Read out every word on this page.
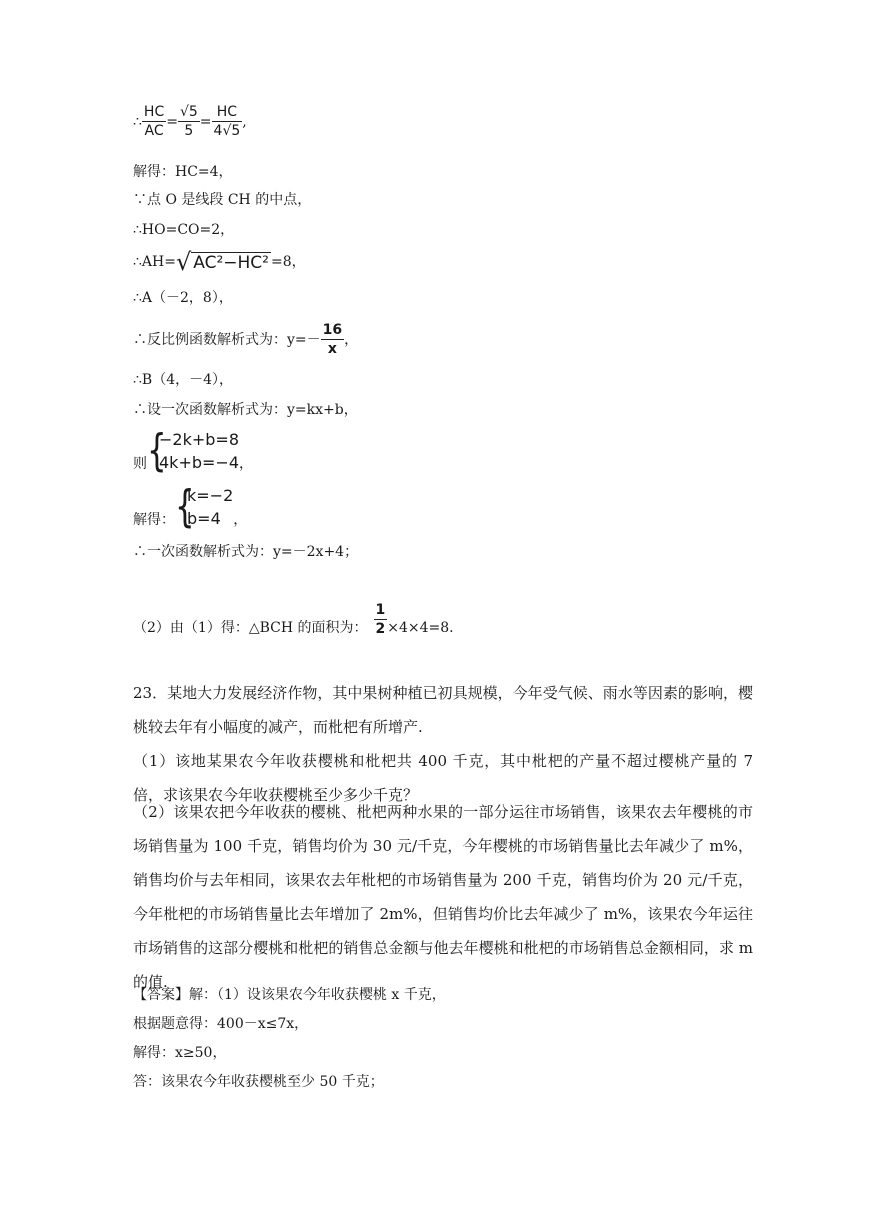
∴ $\frac{HC}{AC} = \frac{√5}{5} = \frac{HC}{4√5}$ ,
解得：HC=4，
∵点 O 是线段 CH 的中点，
∴HO=CO=2，
∴AH=√ AC²−HC² =8，
∴A（－2，8），
∴反比例函数解析式为：$y=- \frac{16}{x}$ ，
∴B（4，－4），
∴设一次函数解析式为：y=kx+b，
则 {
−2k+b=8
4k+b=−4 ，
解得： {
k=−2
b=4 ，
∴一次函数解析式为：y=－2x+4；
（2）由（1）得：△BCH 的面积为： $\frac{1}{2} \times 4\times 4=8$.
23．某地大力发展经济作物，其中果树种植已初具规模，今年受气候、雨水等因素的影响，樱桃较去年有小幅度的减产，而枇杷有所增产.
（1）该地某果农今年收获樱桃和枇杷共 400 千克，其中枇杷的产量不超过樱桃产量的 7 倍，求该果农今年收获樱桃至少多少千克？
（2）该果农把今年收获的樱桃、枇杷两种水果的一部分运往市场销售，该果农去年樱桃的市场销售量为 100 千克，销售均价为 30 元/千克，今年樱桃的市场销售量比去年减少了 m%，销售均价与去年相同，该果农去年枇杷的市场销售量为 200 千克，销售均价为 20 元/千克，今年枇杷的市场销售量比去年增加了 2m%，但销售均价比去年减少了 m%，该果农今年运往市场销售的这部分樱桃和枇杷的销售总金额与他去年樱桃和枇杷的市场销售总金额相同，求 m 的值.
【答案】解：（1）设该果农今年收获樱桃 x 千克，
根据题意得：400－x≤7x，
解得：x≥50，
答：该果农今年收获樱桃至少 50 千克；
